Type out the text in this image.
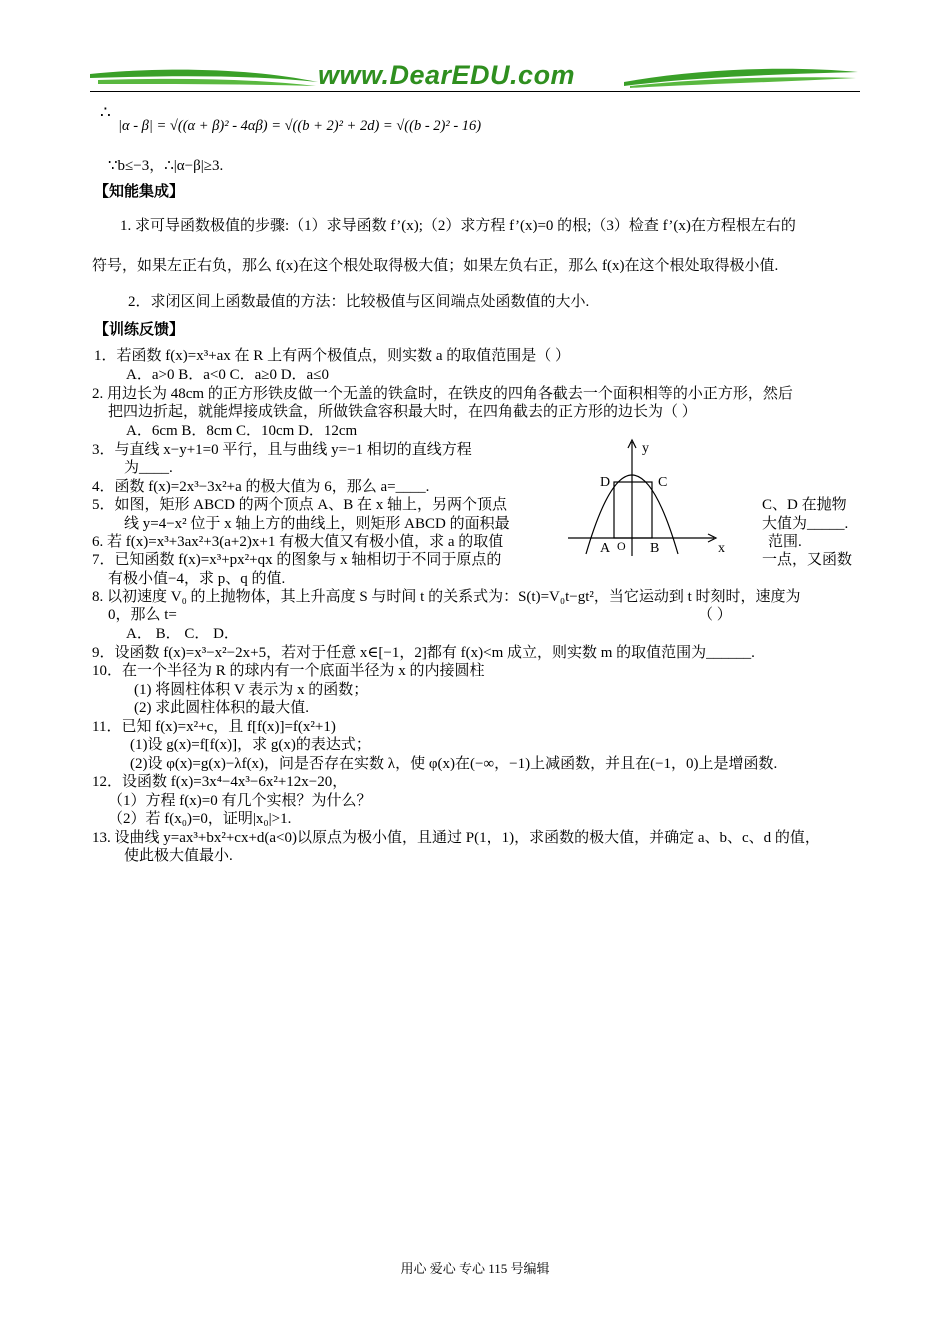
www.DearEDU.com
∴
|α - β| = √((α + β)² - 4αβ) = √((b + 2)² + 2d) = √((b - 2)² - 16)
∵b≤−3，∴|α−β|≥3.
【知能集成】
1. 求可导函数极值的步骤:（1）求导函数 f’(x);（2）求方程 f’(x)=0 的根;（3）检查 f’(x)在方程根左右的
符号，如果左正右负，那么 f(x)在这个根处取得极大值；如果左负右正，那么 f(x)在这个根处取得极小值.
2．求闭区间上函数最值的方法：比较极值与区间端点处函数值的大小.
【训练反馈】
1．若函数 f(x)=x³+ax 在 R 上有两个极值点，则实数 a 的取值范围是（ ）
A．a>0 B．a<0 C．a≥0 D．a≤0
2. 用边长为 48cm 的正方形铁皮做一个无盖的铁盒时，在铁皮的四角各截去一个面积相等的小正方形，然后
把四边折起，就能焊接成铁盒，所做铁盒容积最大时，在四角截去的正方形的边长为（ ）
A．6cm B．8cm C．10cm D．12cm
3．与直线 x−y+1=0 平行，且与曲线 y=−1 相切的直线方程
为____.
4．函数 f(x)=2x³−3x²+a 的极大值为 6，那么 a=____.
5．如图，矩形 ABCD 的两个顶点 A、B 在 x 轴上，另两个顶点	C、D 在抛物
线 y=4−x² 位于 x 轴上方的曲线上，则矩形 ABCD 的面积最	大值为_____.
6. 若 f(x)=x³+3ax²+3(a+2)x+1 有极大值又有极小值，求 a 的取值	范围.
7．已知函数 f(x)=x³+px²+qx 的图象与 x 轴相切于不同于原点的	一点，又函数
有极小值−4，求 p、q 的值.
8. 以初速度 V₀ 的上抛物体，其上升高度 S 与时间 t 的关系式为：S(t)=V₀t−gt²，当它运动到 t 时刻时，速度为
0，那么 t=	（ ）
A． B． C． D．
9．设函数 f(x)=x³−x²−2x+5，若对于任意 x∈[−1，2]都有 f(x)<m 成立，则实数 m 的取值范围为______.
10．在一个半径为 R 的球内有一个底面半径为 x 的内接圆柱
(1) 将圆柱体积 V 表示为 x 的函数；
(2) 求此圆柱体积的最大值.
11．已知 f(x)=x²+c，且 f[f(x)]=f(x²+1)
(1)设 g(x)=f[f(x)]，求 g(x)的表达式；
(2)设 φ(x)=g(x)−λf(x)，问是否存在实数 λ，使 φ(x)在(−∞，−1)上减函数，并且在(−1，0)上是增函数.
12．设函数 f(x)=3x⁴−4x³−6x²+12x−20，
（1）方程 f(x)=0 有几个实根？为什么？
（2）若 f(x₀)=0，证明|x₀|>1.
13. 设曲线 y=ax³+bx²+cx+d(a<0)以原点为极小值，且通过 P(1，1)，求函数的极大值，并确定 a、b、c、d 的值，
使此极大值最小.
y
x
D	C
A O B
用心 爱心 专心 115 号编辑
